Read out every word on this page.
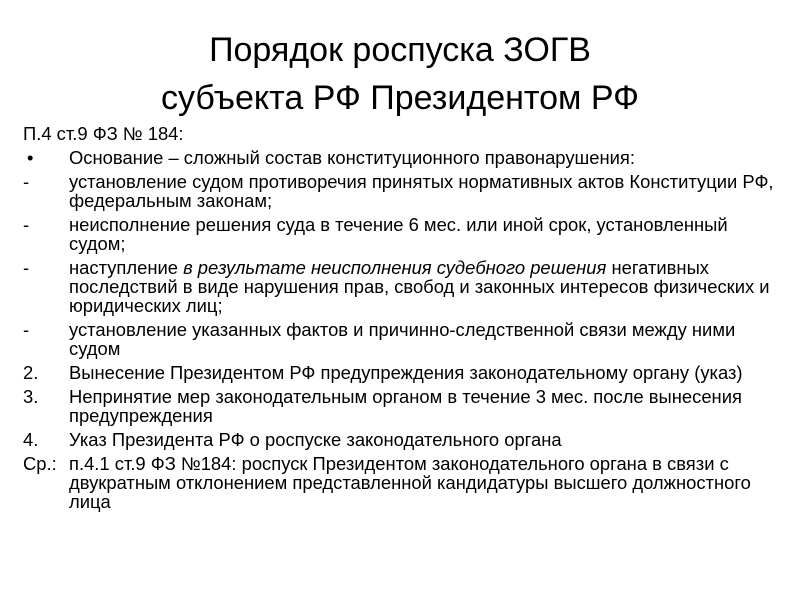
Порядок роспуска ЗОГВ
субъекта РФ Президентом РФ
П.4 ст.9 ФЗ № 184:
•	Основание – сложный состав конституционного правонарушения:
-	установление судом противоречия принятых нормативных актов Конституции РФ, федеральным законам;
-	неисполнение решения суда в течение 6 мес. или иной срок, установленный судом;
-	наступление в результате неисполнения судебного решения негативных последствий в виде нарушения прав, свобод и законных интересов физических и юридических лиц;
-	установление указанных фактов и причинно-следственной связи между ними судом
2.	Вынесение Президентом РФ предупреждения законодательному органу (указ)
3.	Непринятие мер законодательным органом в течение 3 мес. после вынесения предупреждения
4.	Указ Президента РФ о роспуске законодательного органа
Ср.: п.4.1 ст.9 ФЗ №184: роспуск Президентом законодательного органа в связи с двукратным отклонением представленной кандидатуры высшего должностного лица
